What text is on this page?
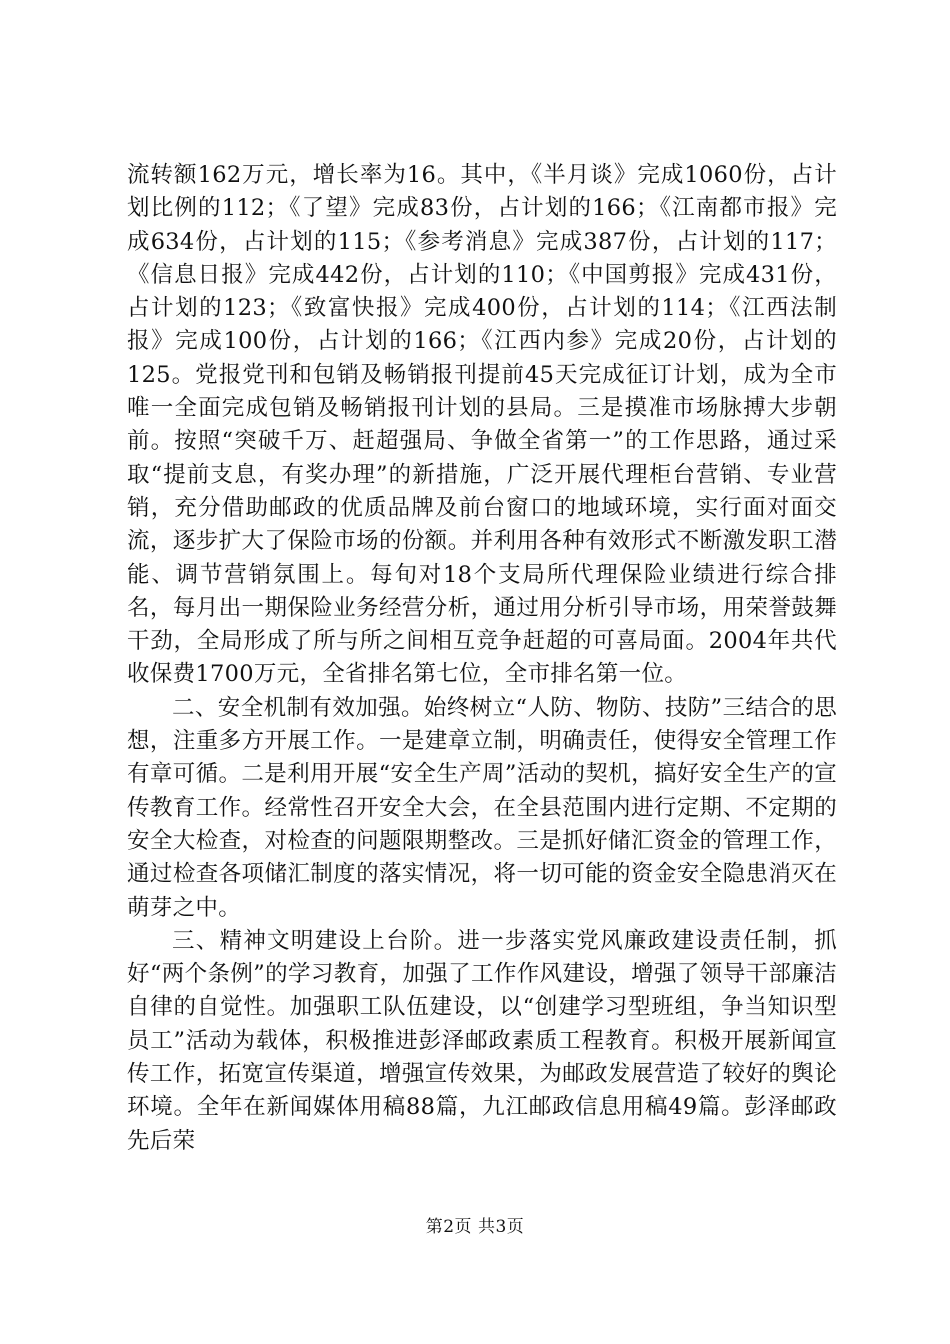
流转额162万元，增长率为16。其中，《半月谈》完成1060份，占计划比例的112；《了望》完成83份，占计划的166；《江南都市报》完成634份，占计划的115；《参考消息》完成387份，占计划的117；《信息日报》完成442份，占计划的110；《中国剪报》完成431份，占计划的123；《致富快报》完成400份，占计划的114；《江西法制报》完成100份，占计划的166；《江西内参》完成20份，占计划的125。党报党刊和包销及畅销报刊提前45天完成征订计划，成为全市唯一全面完成包销及畅销报刊计划的县局。三是摸准市场脉搏大步朝前。按照“突破千万、赶超强局、争做全省第一”的工作思路，通过采取“提前支息，有奖办理”的新措施，广泛开展代理柜台营销、专业营销，充分借助邮政的优质品牌及前台窗口的地域环境，实行面对面交流，逐步扩大了保险市场的份额。并利用各种有效形式不断激发职工潜能、调节营销氛围上。每旬对18个支局所代理保险业绩进行综合排名，每月出一期保险业务经营分析，通过用分析引导市场，用荣誉鼓舞干劲，全局形成了所与所之间相互竞争赶超的可喜局面。2004年共代收保费1700万元，全省排名第七位，全市排名第一位。

二、安全机制有效加强。始终树立“人防、物防、技防”三结合的思想，注重多方开展工作。一是建章立制，明确责任，使得安全管理工作有章可循。二是利用开展“安全生产周”活动的契机，搞好安全生产的宣传教育工作。经常性召开安全大会，在全县范围内进行定期、不定期的安全大检查，对检查的问题限期整改。三是抓好储汇资金的管理工作，通过检查各项储汇制度的落实情况，将一切可能的资金安全隐患消灭在萌芽之中。

三、精神文明建设上台阶。进一步落实党风廉政建设责任制，抓好“两个条例”的学习教育，加强了工作作风建设，增强了领导干部廉洁自律的自觉性。加强职工队伍建设，以“创建学习型班组，争当知识型员工”活动为载体，积极推进彭泽邮政素质工程教育。积极开展新闻宣传工作，拓宽宣传渠道，增强宣传效果，为邮政发展营造了较好的舆论环境。全年在新闻媒体用稿88篇，九江邮政信息用稿49篇。彭泽邮政先后荣

第2页 共3页
